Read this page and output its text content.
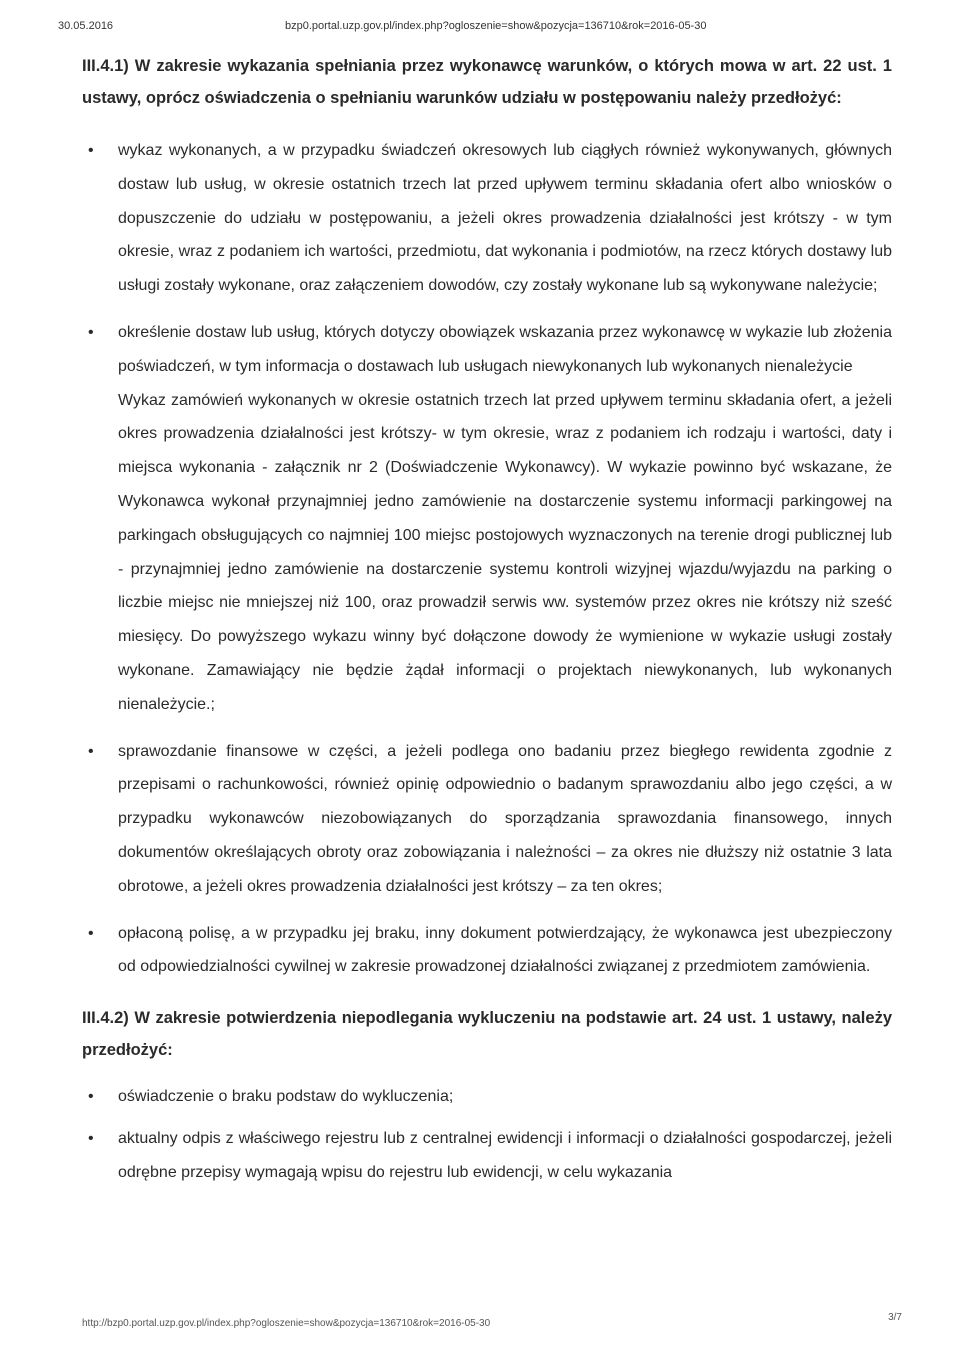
30.05.2016	bzp0.portal.uzp.gov.pl/index.php?ogloszenie=show&pozycja=136710&rok=2016-05-30

III.4.1) W zakresie wykazania spełniania przez wykonawcę warunków, o których mowa w art. 22 ust. 1 ustawy, oprócz oświadczenia o spełnianiu warunków udziału w postępowaniu należy przedłożyć:

• wykaz wykonanych, a w przypadku świadczeń okresowych lub ciągłych również wykonywanych, głównych dostaw lub usług, w okresie ostatnich trzech lat przed upływem terminu składania ofert albo wniosków o dopuszczenie do udziału w postępowaniu, a jeżeli okres prowadzenia działalności jest krótszy - w tym okresie, wraz z podaniem ich wartości, przedmiotu, dat wykonania i podmiotów, na rzecz których dostawy lub usługi zostały wykonane, oraz załączeniem dowodów, czy zostały wykonane lub są wykonywane należycie;
• określenie dostaw lub usług, których dotyczy obowiązek wskazania przez wykonawcę w wykazie lub złożenia poświadczeń, w tym informacja o dostawach lub usługach niewykonanych lub wykonanych nienależycie
Wykaz zamówień wykonanych w okresie ostatnich trzech lat przed upływem terminu składania ofert, a jeżeli okres prowadzenia działalności jest krótszy- w tym okresie, wraz z podaniem ich rodzaju i wartości, daty i miejsca wykonania - załącznik nr 2 (Doświadczenie Wykonawcy). W wykazie powinno być wskazane, że Wykonawca wykonał przynajmniej jedno zamówienie na dostarczenie systemu informacji parkingowej na parkingach obsługujących co najmniej 100 miejsc postojowych wyznaczonych na terenie drogi publicznej lub - przynajmniej jedno zamówienie na dostarczenie systemu kontroli wizyjnej wjazdu/wyjazdu na parking o liczbie miejsc nie mniejszej niż 100, oraz prowadził serwis ww. systemów przez okres nie krótszy niż sześć miesięcy. Do powyższego wykazu winny być dołączone dowody że wymienione w wykazie usługi zostały wykonane. Zamawiający nie będzie żądał informacji o projektach niewykonanych, lub wykonanych nienależycie.;
• sprawozdanie finansowe w części, a jeżeli podlega ono badaniu przez biegłego rewidenta zgodnie z przepisami o rachunkowości, również opinię odpowiednio o badanym sprawozdaniu albo jego części, a w przypadku wykonawców niezobowiązanych do sporządzania sprawozdania finansowego, innych dokumentów określających obroty oraz zobowiązania i należności – za okres nie dłuższy niż ostatnie 3 lata obrotowe, a jeżeli okres prowadzenia działalności jest krótszy – za ten okres;
• opłaconą polisę, a w przypadku jej braku, inny dokument potwierdzający, że wykonawca jest ubezpieczony od odpowiedzialności cywilnej w zakresie prowadzonej działalności związanej z przedmiotem zamówienia.

III.4.2) W zakresie potwierdzenia niepodlegania wykluczeniu na podstawie art. 24 ust. 1 ustawy, należy przedłożyć:

• oświadczenie o braku podstaw do wykluczenia;
• aktualny odpis z właściwego rejestru lub z centralnej ewidencji i informacji o działalności gospodarczej, jeżeli odrębne przepisy wymagają wpisu do rejestru lub ewidencji, w celu wykazania
http://bzp0.portal.uzp.gov.pl/index.php?ogloszenie=show&pozycja=136710&rok=2016-05-30
3/7
